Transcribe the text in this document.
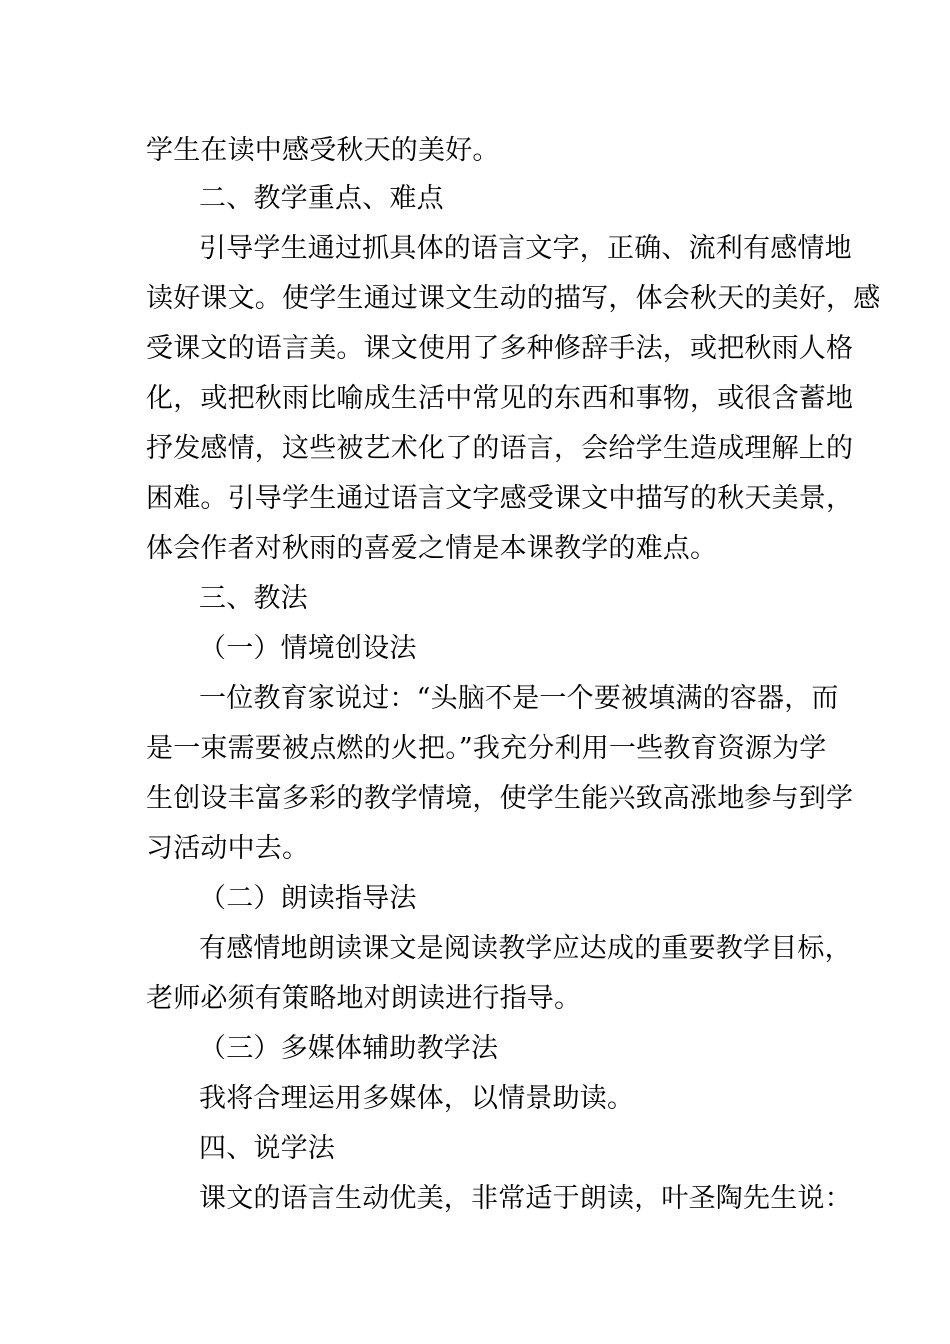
学生在读中感受秋天的美好。
二、教学重点、难点
引导学生通过抓具体的语言文字，正确、流利有感情地
读好课文。使学生通过课文生动的描写，体会秋天的美好，感
受课文的语言美。课文使用了多种修辞手法，或把秋雨人格
化，或把秋雨比喻成生活中常见的东西和事物，或很含蓄地
抒发感情，这些被艺术化了的语言，会给学生造成理解上的
困难。引导学生通过语言文字感受课文中描写的秋天美景，
体会作者对秋雨的喜爱之情是本课教学的难点。
三、教法
（一）情境创设法
一位教育家说过：“头脑不是一个要被填满的容器，而
是一束需要被点燃的火把。”我充分利用一些教育资源为学
生创设丰富多彩的教学情境，使学生能兴致高涨地参与到学
习活动中去。
（二）朗读指导法
有感情地朗读课文是阅读教学应达成的重要教学目标，
老师必须有策略地对朗读进行指导。
（三）多媒体辅助教学法
我将合理运用多媒体，以情景助读。
四、说学法
课文的语言生动优美，非常适于朗读，叶圣陶先生说：
